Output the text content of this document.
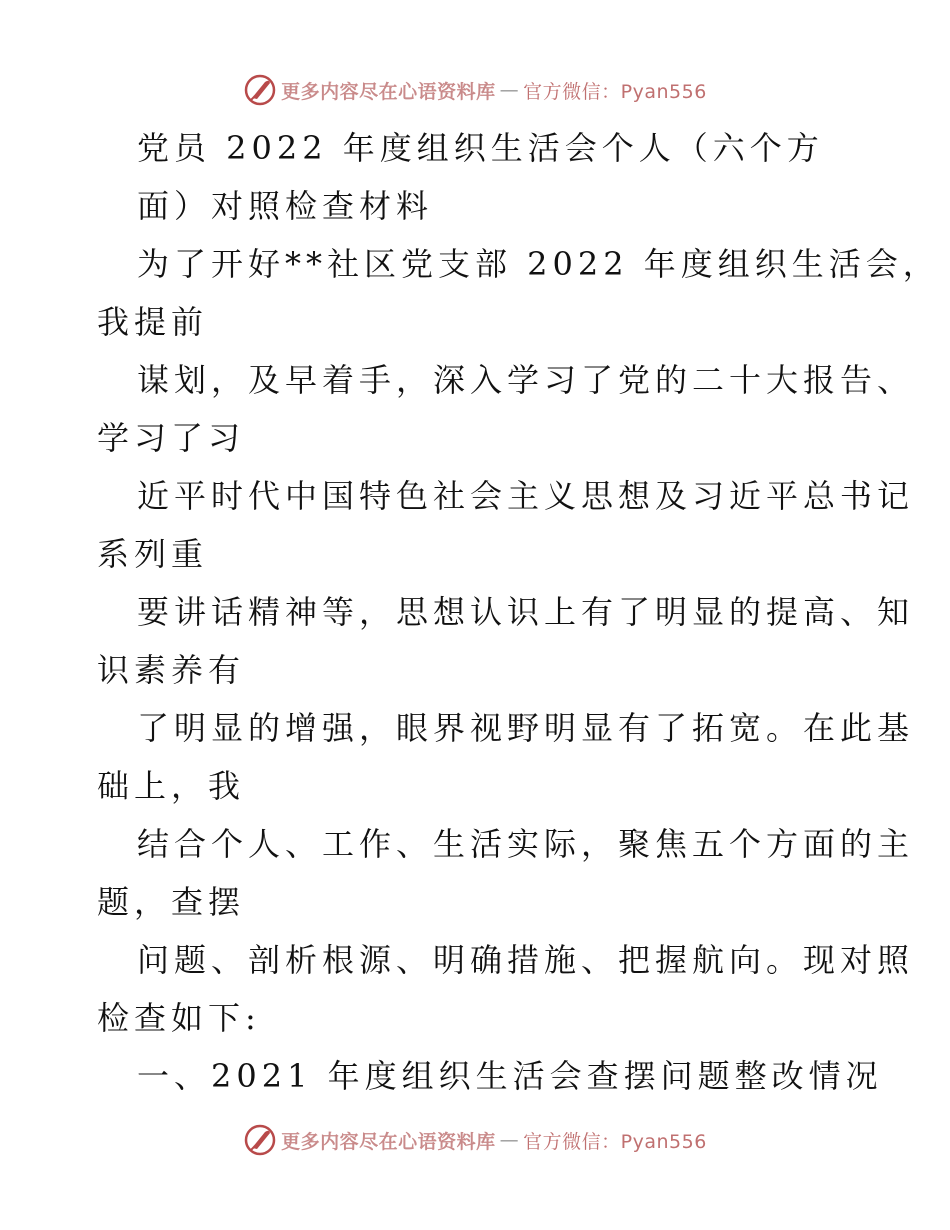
更多内容尽在心语资料库 — 官方微信：Pyan556
党员 2022 年度组织生活会个人（六个方
面）对照检查材料
为了开好**社区党支部 2022 年度组织生活会，
我提前
谋划，及早着手，深入学习了党的二十大报告、
学习了习
近平时代中国特色社会主义思想及习近平总书记
系列重
要讲话精神等，思想认识上有了明显的提高、知
识素养有
了明显的增强，眼界视野明显有了拓宽。在此基
础上，我
结合个人、工作、生活实际，聚焦五个方面的主
题，查摆
问题、剖析根源、明确措施、把握航向。现对照
检查如下:
一、2021 年度组织生活会查摆问题整改情况
更多内容尽在心语资料库 — 官方微信：Pyan556
